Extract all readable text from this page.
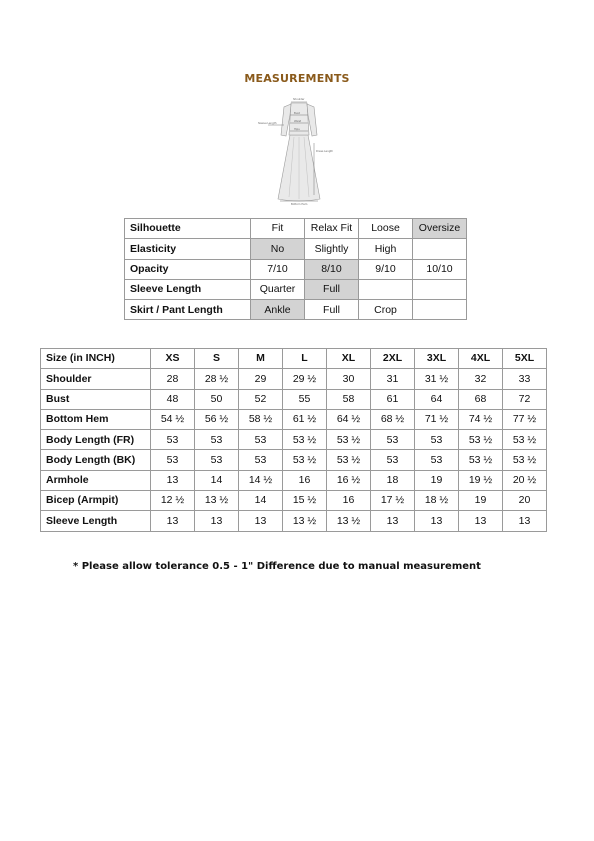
MEASUREMENTS
Shoulder
Sleeve Length
Bust
Waist
Hips
Dress Length
Bottom Hem
Silhouette	Fit	Relax Fit	Loose	Oversize
Elasticity	No	Slightly	High	
Opacity	7/10	8/10	9/10	10/10
Sleeve Length	Quarter	Full		
Skirt / Pant Length	Ankle	Full	Crop	
Size (in INCH)	XS	S	M	L	XL	2XL	3XL	4XL	5XL
Shoulder	28	28 ½	29	29 ½	30	31	31 ½	32	33
Bust	48	50	52	55	58	61	64	68	72
Bottom Hem	54 ½	56 ½	58 ½	61 ½	64 ½	68 ½	71 ½	74 ½	77 ½
Body Length (FR)	53	53	53	53 ½	53 ½	53	53	53 ½	53 ½
Body Length (BK)	53	53	53	53 ½	53 ½	53	53	53 ½	53 ½
Armhole	13	14	14 ½	16	16 ½	18	19	19 ½	20 ½
Bicep (Armpit)	12 ½	13 ½	14	15 ½	16	17 ½	18 ½	19	20
Sleeve Length	13	13	13	13 ½	13 ½	13	13	13	13
* Please allow tolerance 0.5 - 1" Difference due to manual measurement
